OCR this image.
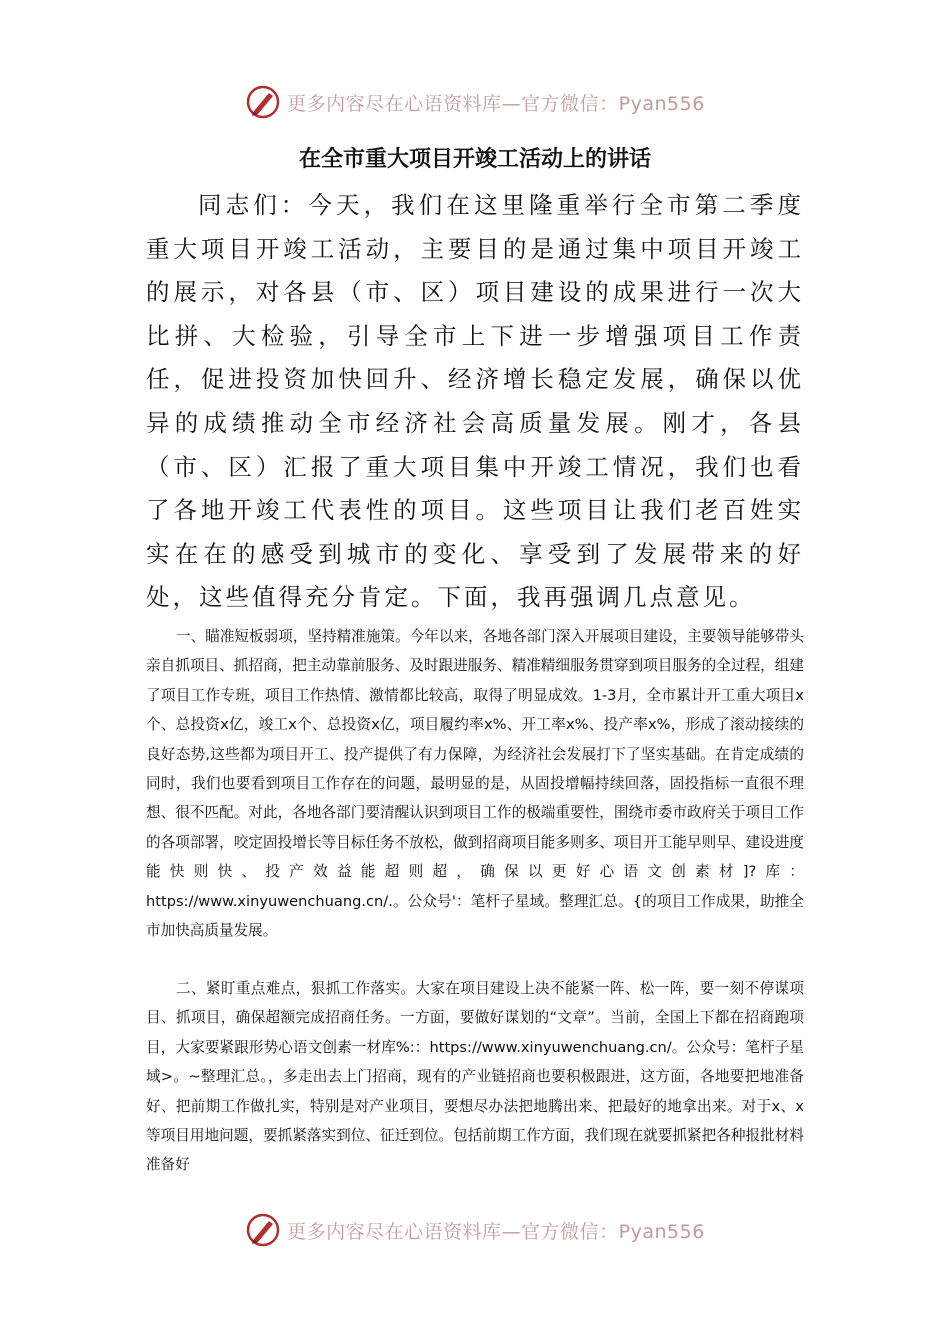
更多内容尽在心语资料库—官方微信：Pyan556
在全市重大项目开竣工活动上的讲话

同志们：今天，我们在这里隆重举行全市第二季度重大项目开竣工活动，主要目的是通过集中项目开竣工的展示，对各县（市、区）项目建设的成果进行一次大比拼、大检验，引导全市上下进一步增强项目工作责任，促进投资加快回升、经济增长稳定发展，确保以优异的成绩推动全市经济社会高质量发展。刚才，各县（市、区）汇报了重大项目集中开竣工情况，我们也看了各地开竣工代表性的项目。这些项目让我们老百姓实实在在的感受到城市的变化、享受到了发展带来的好处，这些值得充分肯定。下面，我再强调几点意见。

一、瞄准短板弱项，坚持精准施策。今年以来，各地各部门深入开展项目建设，主要领导能够带头亲自抓项目、抓招商，把主动靠前服务、及时跟进服务、精准精细服务贯穿到项目服务的全过程，组建了项目工作专班，项目工作热情、激情都比较高，取得了明显成效。1-3月，全市累计开工重大项目x个、总投资x亿，竣工x个、总投资x亿，项目履约率x%、开工率x%、投产率x%，形成了滚动接续的良好态势,这些都为项目开工、投产提供了有力保障，为经济社会发展打下了坚实基础。在肯定成绩的同时，我们也要看到项目工作存在的问题，最明显的是，从固投增幅持续回落，固投指标一直很不理想、很不匹配。对此，各地各部门要清醒认识到项目工作的极端重要性，围绕市委市政府关于项目工作的各项部署，咬定固投增长等目标任务不放松，做到招商项目能多则多、项目开工能早则早、建设进度能快则快、投产效益能超则超，确保以更好心语文创素材]?库：https://www.xinyuwenchuang.cn/.。公众号'：笔杆子星域。整理汇总。{的项目工作成果，助推全市加快高质量发展。

二、紧盯重点难点，狠抓工作落实。大家在项目建设上决不能紧一阵、松一阵，要一刻不停谋项目、抓项目，确保超额完成招商任务。一方面，要做好谋划的“文章”。当前，全国上下都在招商跑项目，大家要紧跟形势心语文创素一材库%:：https://www.xinyuwenchuang.cn/。公众号：笔杆子星域>。~整理汇总。，多走出去上门招商，现有的产业链招商也要积极跟进，这方面，各地要把地准备好、把前期工作做扎实，特别是对产业项目，要想尽办法把地腾出来、把最好的地拿出来。对于x、x等项目用地问题，要抓紧落实到位、征迁到位。包括前期工作方面，我们现在就要抓紧把各种报批材料准备好

更多内容尽在心语资料库—官方微信：Pyan556
